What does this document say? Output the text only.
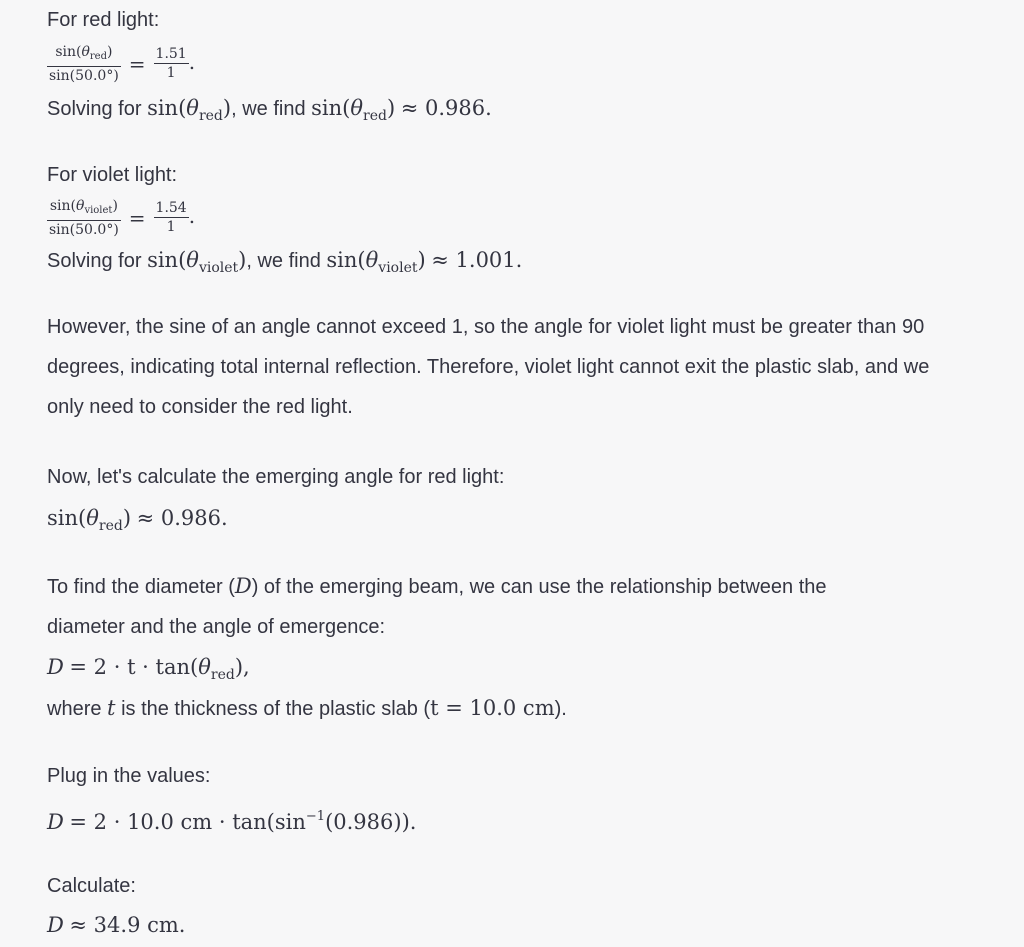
For red light:
$\frac{\sin(\theta_{red})}{\sin(50.0^\circ)} = \frac{1.51}{1}$ .
Solving for $\sin(\theta_{red})$, we find $\sin(\theta_{red}) \approx 0.986$.
For violet light:
$\frac{\sin(\theta_{violet})}{\sin(50.0^\circ)} = \frac{1.54}{1}$ .
Solving for $\sin(\theta_{violet})$, we find $\sin(\theta_{violet}) \approx 1.001$.
However, the sine of an angle cannot exceed 1, so the angle for violet light must be greater than 90 degrees, indicating total internal reflection. Therefore, violet light cannot exit the plastic slab, and we only need to consider the red light.
Now, let's calculate the emerging angle for red light:
$\sin(\theta_{red}) \approx 0.986$.
To find the diameter (D) of the emerging beam, we can use the relationship between the
diameter and the angle of emergence:
$D = 2 \cdot t \cdot \tan(\theta_{red})$,
where t is the thickness of the plastic slab (t = 10.0 cm).
Plug in the values:
D = 2 · 10.0 cm · $\tan(\sin^{-1}(0.986))$.
Calculate:
D ≈ 34.9 cm.
